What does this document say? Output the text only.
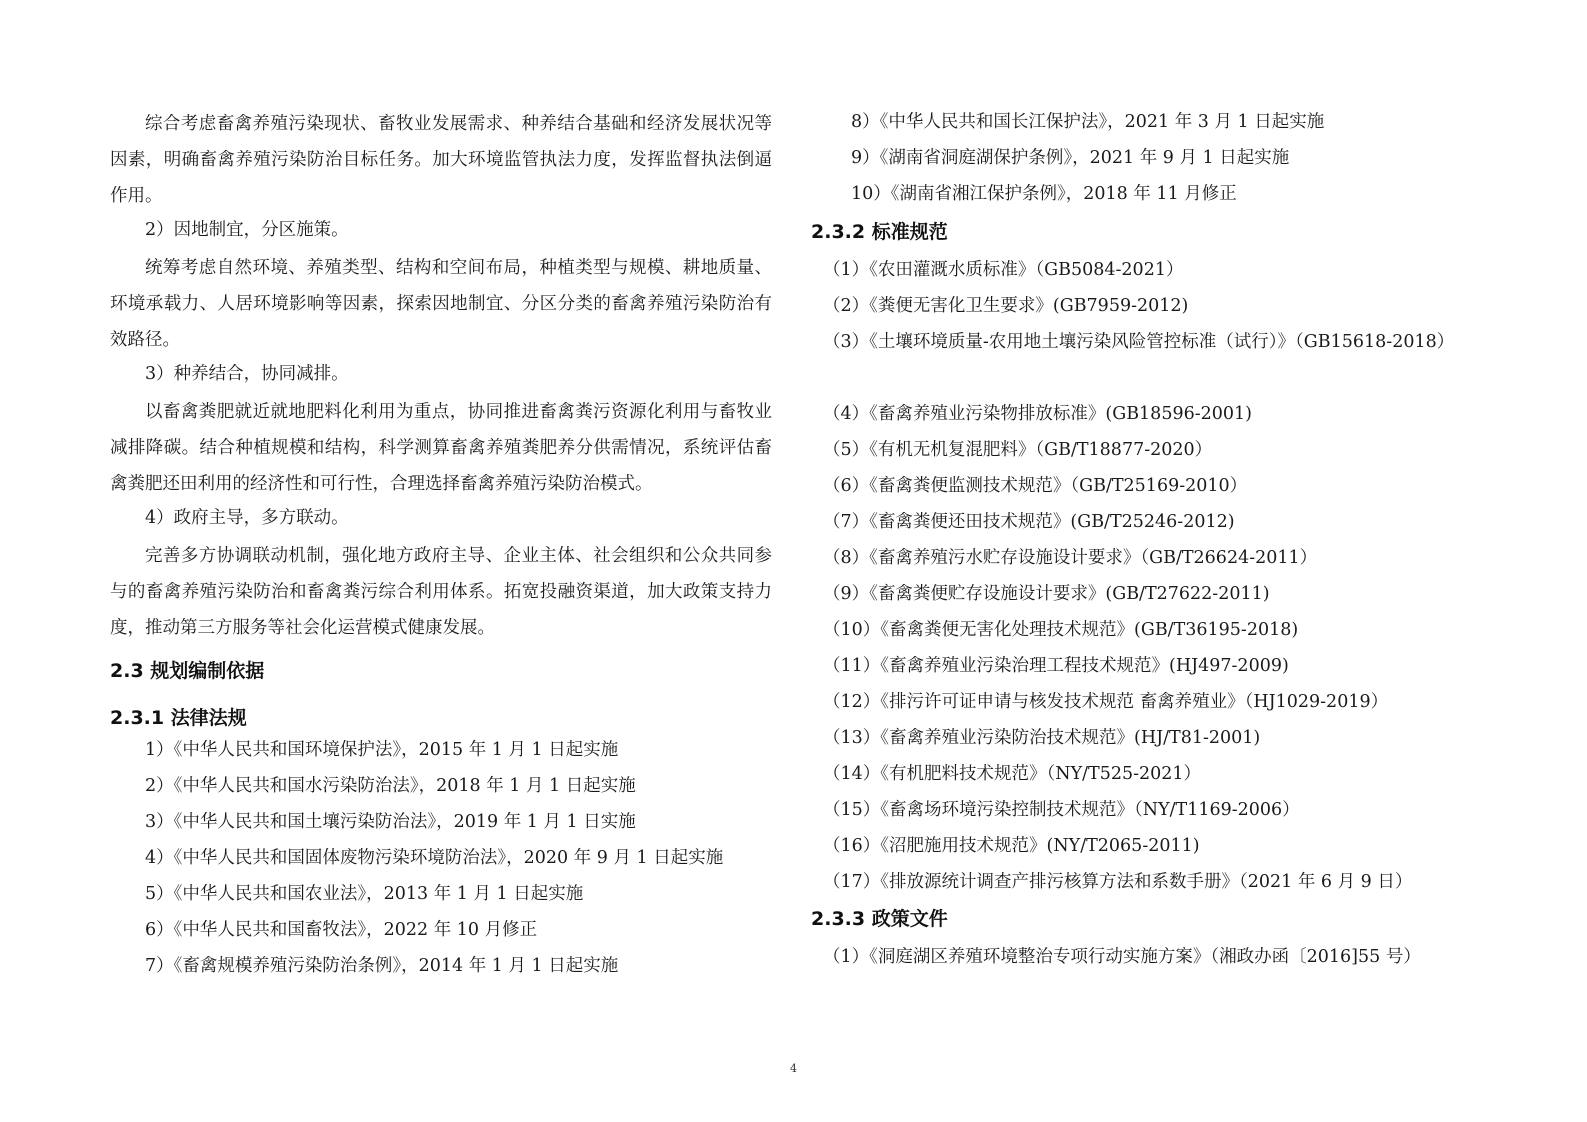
综合考虑畜禽养殖污染现状、畜牧业发展需求、种养结合基础和经济发展状况等因素，明确畜禽养殖污染防治目标任务。加大环境监管执法力度，发挥监督执法倒逼作用。
2）因地制宜，分区施策。
统筹考虑自然环境、养殖类型、结构和空间布局，种植类型与规模、耕地质量、环境承载力、人居环境影响等因素，探索因地制宜、分区分类的畜禽养殖污染防治有效路径。
3）种养结合，协同减排。
以畜禽粪肥就近就地肥料化利用为重点，协同推进畜禽粪污资源化利用与畜牧业减排降碳。结合种植规模和结构，科学测算畜禽养殖粪肥养分供需情况，系统评估畜禽粪肥还田利用的经济性和可行性，合理选择畜禽养殖污染防治模式。
4）政府主导，多方联动。
完善多方协调联动机制，强化地方政府主导、企业主体、社会组织和公众共同参与的畜禽养殖污染防治和畜禽粪污综合利用体系。拓宽投融资渠道，加大政策支持力度，推动第三方服务等社会化运营模式健康发展。
2.3 规划编制依据
2.3.1 法律法规
1）《中华人民共和国环境保护法》，2015 年 1 月 1 日起实施
2）《中华人民共和国水污染防治法》，2018 年 1 月 1 日起实施
3）《中华人民共和国土壤污染防治法》，2019 年 1 月 1 日实施
4）《中华人民共和国固体废物污染环境防治法》，2020 年 9 月 1 日起实施
5）《中华人民共和国农业法》，2013 年 1 月 1 日起实施
6）《中华人民共和国畜牧法》，2022 年 10 月修正
7）《畜禽规模养殖污染防治条例》，2014 年 1 月 1 日起实施
8）《中华人民共和国长江保护法》，2021 年 3 月 1 日起实施
9）《湖南省洞庭湖保护条例》，2021 年 9 月 1 日起实施
10）《湖南省湘江保护条例》，2018 年 11 月修正
2.3.2 标准规范
（1）《农田灌溉水质标准》（GB5084-2021）
（2）《粪便无害化卫生要求》(GB7959-2012)
（3）《土壤环境质量-农用地土壤污染风险管控标准（试行）》（GB15618-2018）
（4）《畜禽养殖业污染物排放标准》(GB18596-2001)
（5）《有机无机复混肥料》（GB/T18877-2020）
（6）《畜禽粪便监测技术规范》（GB/T25169-2010）
（7）《畜禽粪便还田技术规范》(GB/T25246-2012)
（8）《畜禽养殖污水贮存设施设计要求》（GB/T26624-2011）
（9）《畜禽粪便贮存设施设计要求》(GB/T27622-2011)
（10）《畜禽粪便无害化处理技术规范》(GB/T36195-2018)
（11）《畜禽养殖业污染治理工程技术规范》(HJ497-2009)
（12）《排污许可证申请与核发技术规范 畜禽养殖业》（HJ1029-2019）
（13）《畜禽养殖业污染防治技术规范》(HJ/T81-2001)
（14）《有机肥料技术规范》（NY/T525-2021）
（15）《畜禽场环境污染控制技术规范》（NY/T1169-2006）
（16）《沼肥施用技术规范》(NY/T2065-2011)
（17）《排放源统计调查产排污核算方法和系数手册》（2021 年 6 月 9 日）
2.3.3 政策文件
（1）《洞庭湖区养殖环境整治专项行动实施方案》（湘政办函〔2016]55 号）
4
